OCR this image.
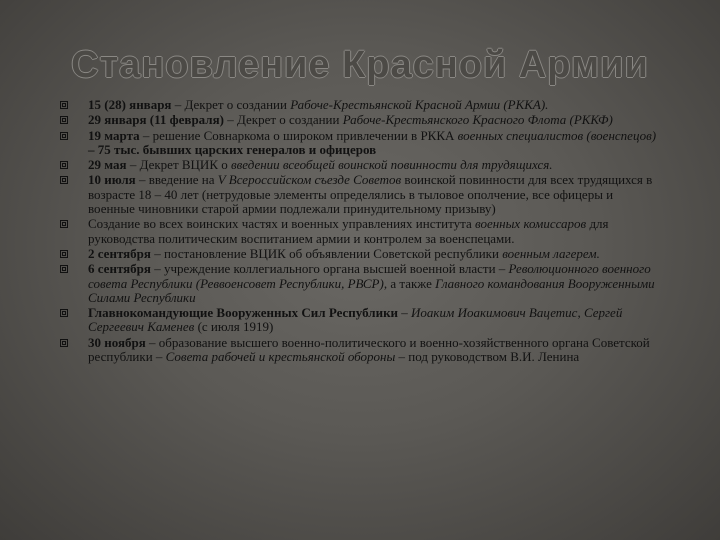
Становление Красной Армии
15 (28) января – Декрет о создании Рабоче-Крестьянской Красной Армии (РККА).
29 января (11 февраля) – Декрет о создании Рабоче-Крестьянского Красного Флота (РККФ)
19 марта – решение Совнаркома о широком привлечении в РККА военных специалистов (военспецов) – 75 тыс. бывших царских генералов и офицеров
29 мая – Декрет ВЦИК о введении всеобщей воинской повинности для трудящихся.
10 июля – введение на V Всероссийском съезде Советов воинской повинности для всех трудящихся в возрасте 18 – 40 лет (нетрудовые элементы определялись в тыловое ополчение, все офицеры и военные чиновники старой армии подлежали принудительному призыву)
Создание во всех воинских частях и военных управлениях института военных комиссаров для руководства политическим воспитанием армии и контролем за военспецами.
2 сентября – постановление ВЦИК об объявлении Советской республики военным лагерем.
6 сентября – учреждение коллегиального органа высшей военной власти – Революционного военного совета Республики (Реввоенсовет Республики, РВСР), а также Главного командования Вооруженными Силами Республики
Главнокомандующие Вооруженных Сил Республики – Иоаким Иоакимович Вацетис, Сергей Сергеевич Каменев (с июля 1919)
30 ноября – образование высшего военно-политического и военно-хозяйственного органа Советской республики – Совета рабочей и крестьянской обороны – под руководством В.И. Ленина
